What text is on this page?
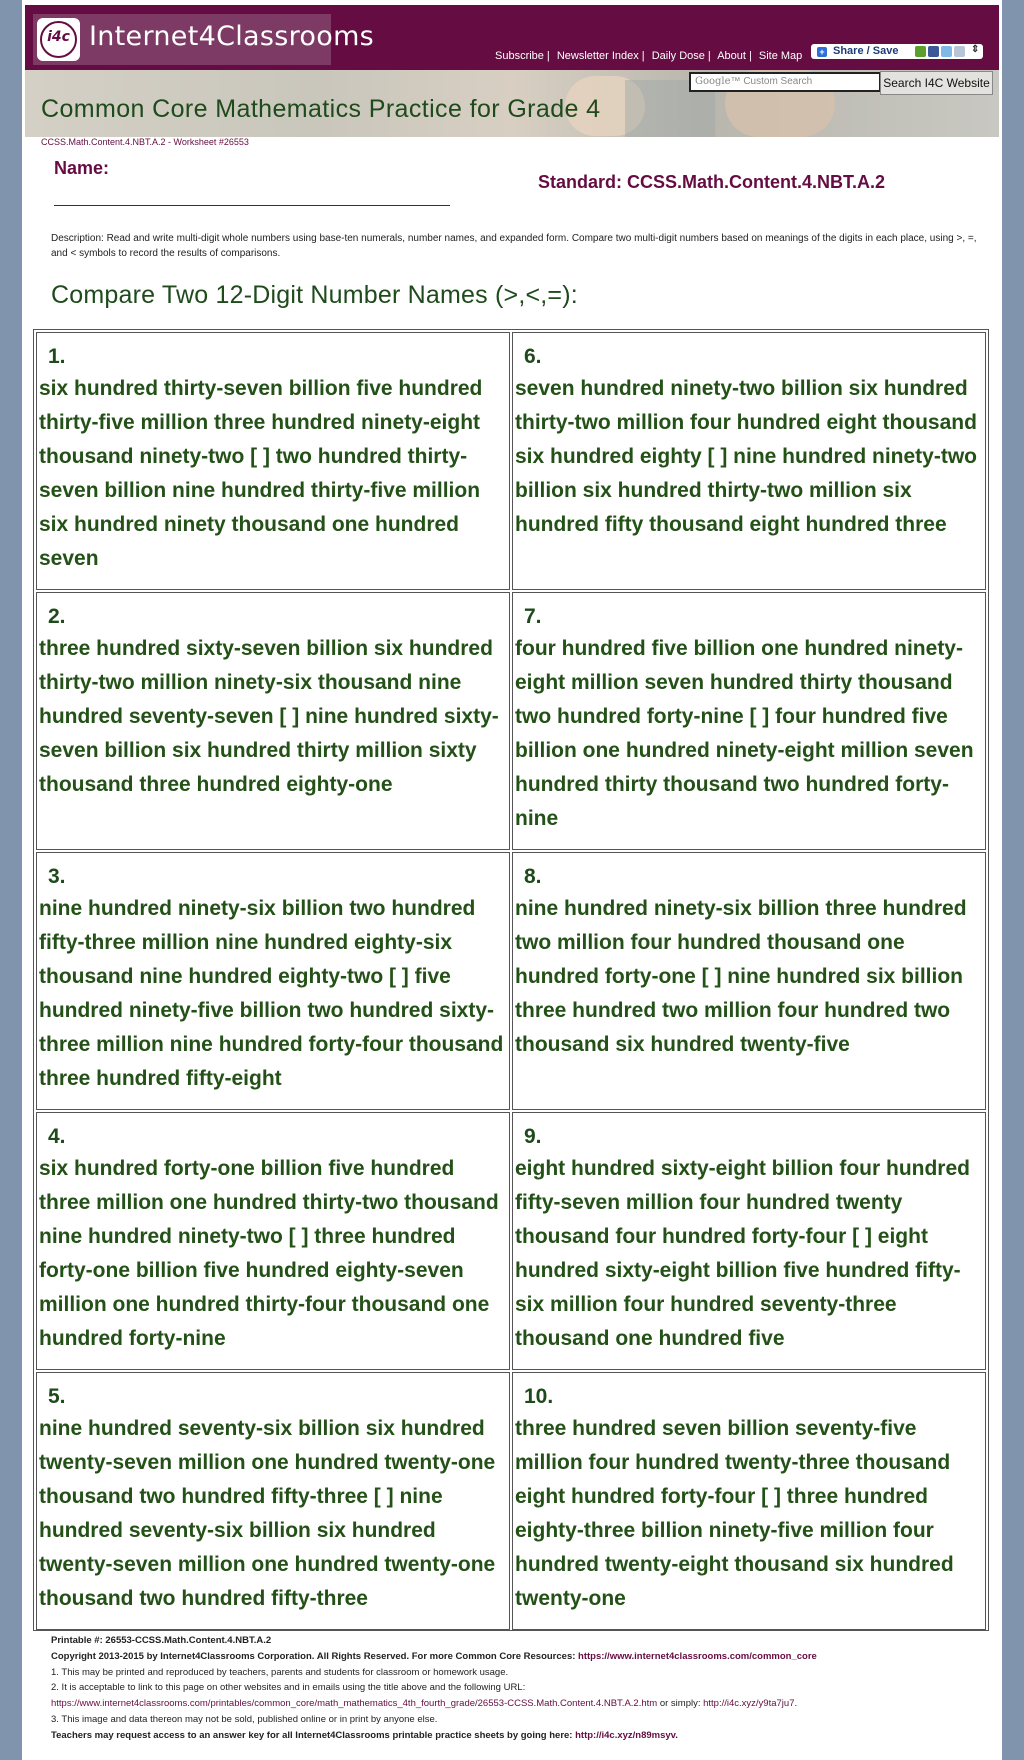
i4c Internet4Classrooms
Subscribe | Newsletter Index | Daily Dose | About | Site Map + Share / Save	⇕
Google™ Custom Search	Search I4C Website
Common Core Mathematics Practice for Grade 4
CCSS.Math.Content.4.NBT.A.2 - Worksheet #26553
Name:
Standard: CCSS.Math.Content.4.NBT.A.2
Description: Read and write multi-digit whole numbers using base-ten numerals, number names, and expanded form. Compare two multi-digit numbers based on meanings of the digits in each place, using >, =, and < symbols to record the results of comparisons.
Compare Two 12-Digit Number Names (>,<,=):
1.
six hundred thirty-seven billion five hundred thirty-five million three hundred ninety-eight thousand ninety-two [ ] two hundred thirty-seven billion nine hundred thirty-five million six hundred ninety thousand one hundred seven
6.
seven hundred ninety-two billion six hundred thirty-two million four hundred eight thousand six hundred eighty [ ] nine hundred ninety-two billion six hundred thirty-two million six hundred fifty thousand eight hundred three
2.
three hundred sixty-seven billion six hundred thirty-two million ninety-six thousand nine hundred seventy-seven [ ] nine hundred sixty-seven billion six hundred thirty million sixty thousand three hundred eighty-one
7.
four hundred five billion one hundred ninety-eight million seven hundred thirty thousand two hundred forty-nine [ ] four hundred five billion one hundred ninety-eight million seven hundred thirty thousand two hundred forty-nine
3.
nine hundred ninety-six billion two hundred fifty-three million nine hundred eighty-six thousand nine hundred eighty-two [ ] five hundred ninety-five billion two hundred sixty-three million nine hundred forty-four thousand three hundred fifty-eight
8.
nine hundred ninety-six billion three hundred two million four hundred thousand one hundred forty-one [ ] nine hundred six billion three hundred two million four hundred two thousand six hundred twenty-five
4.
six hundred forty-one billion five hundred three million one hundred thirty-two thousand nine hundred ninety-two [ ] three hundred forty-one billion five hundred eighty-seven million one hundred thirty-four thousand one hundred forty-nine
9.
eight hundred sixty-eight billion four hundred fifty-seven million four hundred twenty thousand four hundred forty-four [ ] eight hundred sixty-eight billion five hundred fifty-six million four hundred seventy-three thousand one hundred five
5.
nine hundred seventy-six billion six hundred twenty-seven million one hundred twenty-one thousand two hundred fifty-three [ ] nine hundred seventy-six billion six hundred twenty-seven million one hundred twenty-one thousand two hundred fifty-three
10.
three hundred seven billion seventy-five million four hundred twenty-three thousand eight hundred forty-four [ ] three hundred eighty-three billion ninety-five million four hundred twenty-eight thousand six hundred twenty-one
Printable #: 26553-CCSS.Math.Content.4.NBT.A.2
Copyright 2013-2015 by Internet4Classrooms Corporation. All Rights Reserved. For more Common Core Resources: https://www.internet4classrooms.com/common_core
1. This may be printed and reproduced by teachers, parents and students for classroom or homework usage.
2. It is acceptable to link to this page on other websites and in emails using the title above and the following URL:
https://www.internet4classrooms.com/printables/common_core/math_mathematics_4th_fourth_grade/26553-CCSS.Math.Content.4.NBT.A.2.htm or simply: http://i4c.xyz/y9ta7ju7.
3. This image and data thereon may not be sold, published online or in print by anyone else.
Teachers may request access to an answer key for all Internet4Classrooms printable practice sheets by going here: http://i4c.xyz/n89msyv.
